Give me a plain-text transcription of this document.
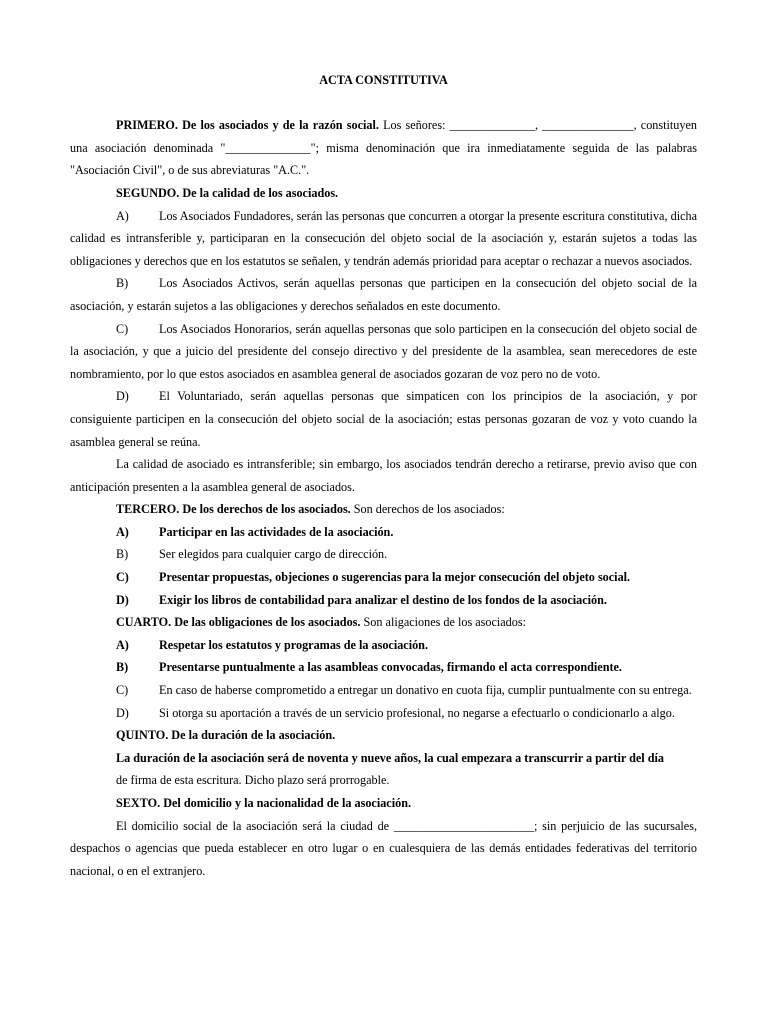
ACTA CONSTITUTIVA

PRIMERO. De los asociados y de la razón social. Los señores: ______________, _______________, constituyen una asociación denominada "______________"; misma denominación que ira inmediatamente seguida de las palabras "Asociación Civil", o de sus abreviaturas "A.C.".

SEGUNDO. De la calidad de los asociados.

A) Los Asociados Fundadores, serán las personas que concurren a otorgar la presente escritura constitutiva, dicha calidad es intransferible y, participaran en la consecución del objeto social de la asociación y, estarán sujetos a todas las obligaciones y derechos que en los estatutos se señalen, y tendrán además prioridad para aceptar o rechazar a nuevos asociados.

B)	Los Asociados Activos, serán aquellas personas que participen en la consecución del objeto social de la asociación, y estarán sujetos a las obligaciones y derechos señalados en este documento.

C)	Los Asociados Honorarios, serán aquellas personas que solo participen en la consecución del objeto social de la asociación, y que a juicio del presidente del consejo directivo y del presidente de la asamblea, sean merecedores de este nombramiento, por lo que estos asociados en asamblea general de asociados gozaran de voz pero no de voto.

D) El Voluntariado, serán aquellas personas que simpaticen con los principios de la asociación, y por consiguiente participen en la consecución del objeto social de la asociación; estas personas gozaran de voz y voto cuando la asamblea general se reúna.

La calidad de asociado es intransferible; sin embargo, los asociados tendrán derecho a retirarse, previo aviso que con anticipación presenten a la asamblea general de asociados.

TERCERO. De los derechos de los asociados. Son derechos de los asociados:

A) Participar en las actividades de la asociación.
B)	Ser elegidos para cualquier cargo de dirección.
C) Presentar propuestas, objeciones o sugerencias para la mejor consecución del objeto social.
D) Exigir los libros de contabilidad para analizar el destino de los fondos de la asociación.

CUARTO. De las obligaciones de los asociados. Son aligaciones de los asociados:

A) Respetar los estatutos y programas de la asociación.
B)	Presentarse puntualmente a las asambleas convocadas, firmando el acta correspondiente.
C)	En caso de haberse comprometido a entregar un donativo en cuota fija, cumplir puntualmente con su entrega.
D) Si otorga su aportación a través de un servicio profesional, no negarse a efectuarlo o condicionarlo a algo.

QUINTO. De la duración de la asociación.

La duración de la asociación será de noventa y nueve años, la cual empezara a transcurrir a partir del día

de firma de esta escritura. Dicho plazo será prorrogable.

SEXTO. Del domicilio y la nacionalidad de la asociación.

El domicilio social de la asociación será la ciudad de _______________________; sin perjuicio de las sucursales, despachos o agencias que pueda establecer en otro lugar o en cualesquiera de las demás entidades federativas del territorio nacional, o en el extranjero.
